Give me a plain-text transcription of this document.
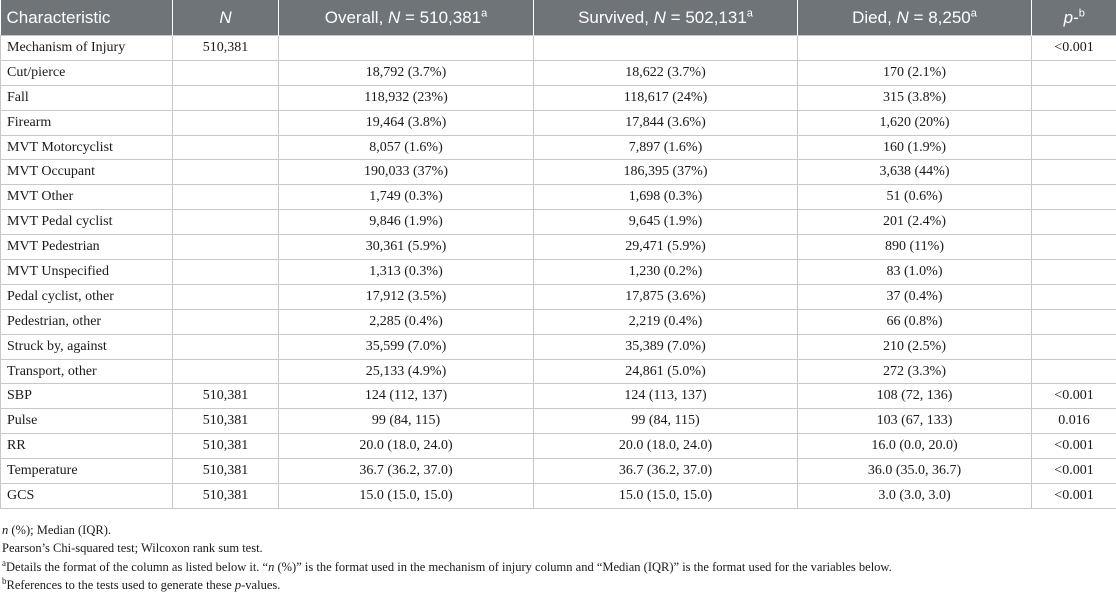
Characteristic	N	Overall, N = 510,381$^a$	Survived, N = 502,131$^a$	Died, N = 8,250$^a$	p-$^b$
Mechanism of Injury	510,381				<0.001
Cut/pierce		18,792 (3.7%)	18,622 (3.7%)	170 (2.1%)	
Fall		118,932 (23%)	118,617 (24%)	315 (3.8%)	
Firearm		19,464 (3.8%)	17,844 (3.6%)	1,620 (20%)	
MVT Motorcyclist		8,057 (1.6%)	7,897 (1.6%)	160 (1.9%)	
MVT Occupant		190,033 (37%)	186,395 (37%)	3,638 (44%)	
MVT Other		1,749 (0.3%)	1,698 (0.3%)	51 (0.6%)	
MVT Pedal cyclist		9,846 (1.9%)	9,645 (1.9%)	201 (2.4%)	
MVT Pedestrian		30,361 (5.9%)	29,471 (5.9%)	890 (11%)	
MVT Unspecified		1,313 (0.3%)	1,230 (0.2%)	83 (1.0%)	
Pedal cyclist, other		17,912 (3.5%)	17,875 (3.6%)	37 (0.4%)	
Pedestrian, other		2,285 (0.4%)	2,219 (0.4%)	66 (0.8%)	
Struck by, against		35,599 (7.0%)	35,389 (7.0%)	210 (2.5%)	
Transport, other		25,133 (4.9%)	24,861 (5.0%)	272 (3.3%)	
SBP	510,381	124 (112, 137)	124 (113, 137)	108 (72, 136)	<0.001
Pulse	510,381	99 (84, 115)	99 (84, 115)	103 (67, 133)	0.016
RR	510,381	20.0 (18.0, 24.0)	20.0 (18.0, 24.0)	16.0 (0.0, 20.0)	<0.001
Temperature	510,381	36.7 (36.2, 37.0)	36.7 (36.2, 37.0)	36.0 (35.0, 36.7)	<0.001
GCS	510,381	15.0 (15.0, 15.0)	15.0 (15.0, 15.0)	3.0 (3.0, 3.0)	<0.001
n (%); Median (IQR).
Pearson’s Chi-squared test; Wilcoxon rank sum test.
$^a$Details the format of the column as listed below it. “n (%)” is the format used in the mechanism of injury column and “Median (IQR)” is the format used for the variables below.
$^b$References to the tests used to generate these p-values.
